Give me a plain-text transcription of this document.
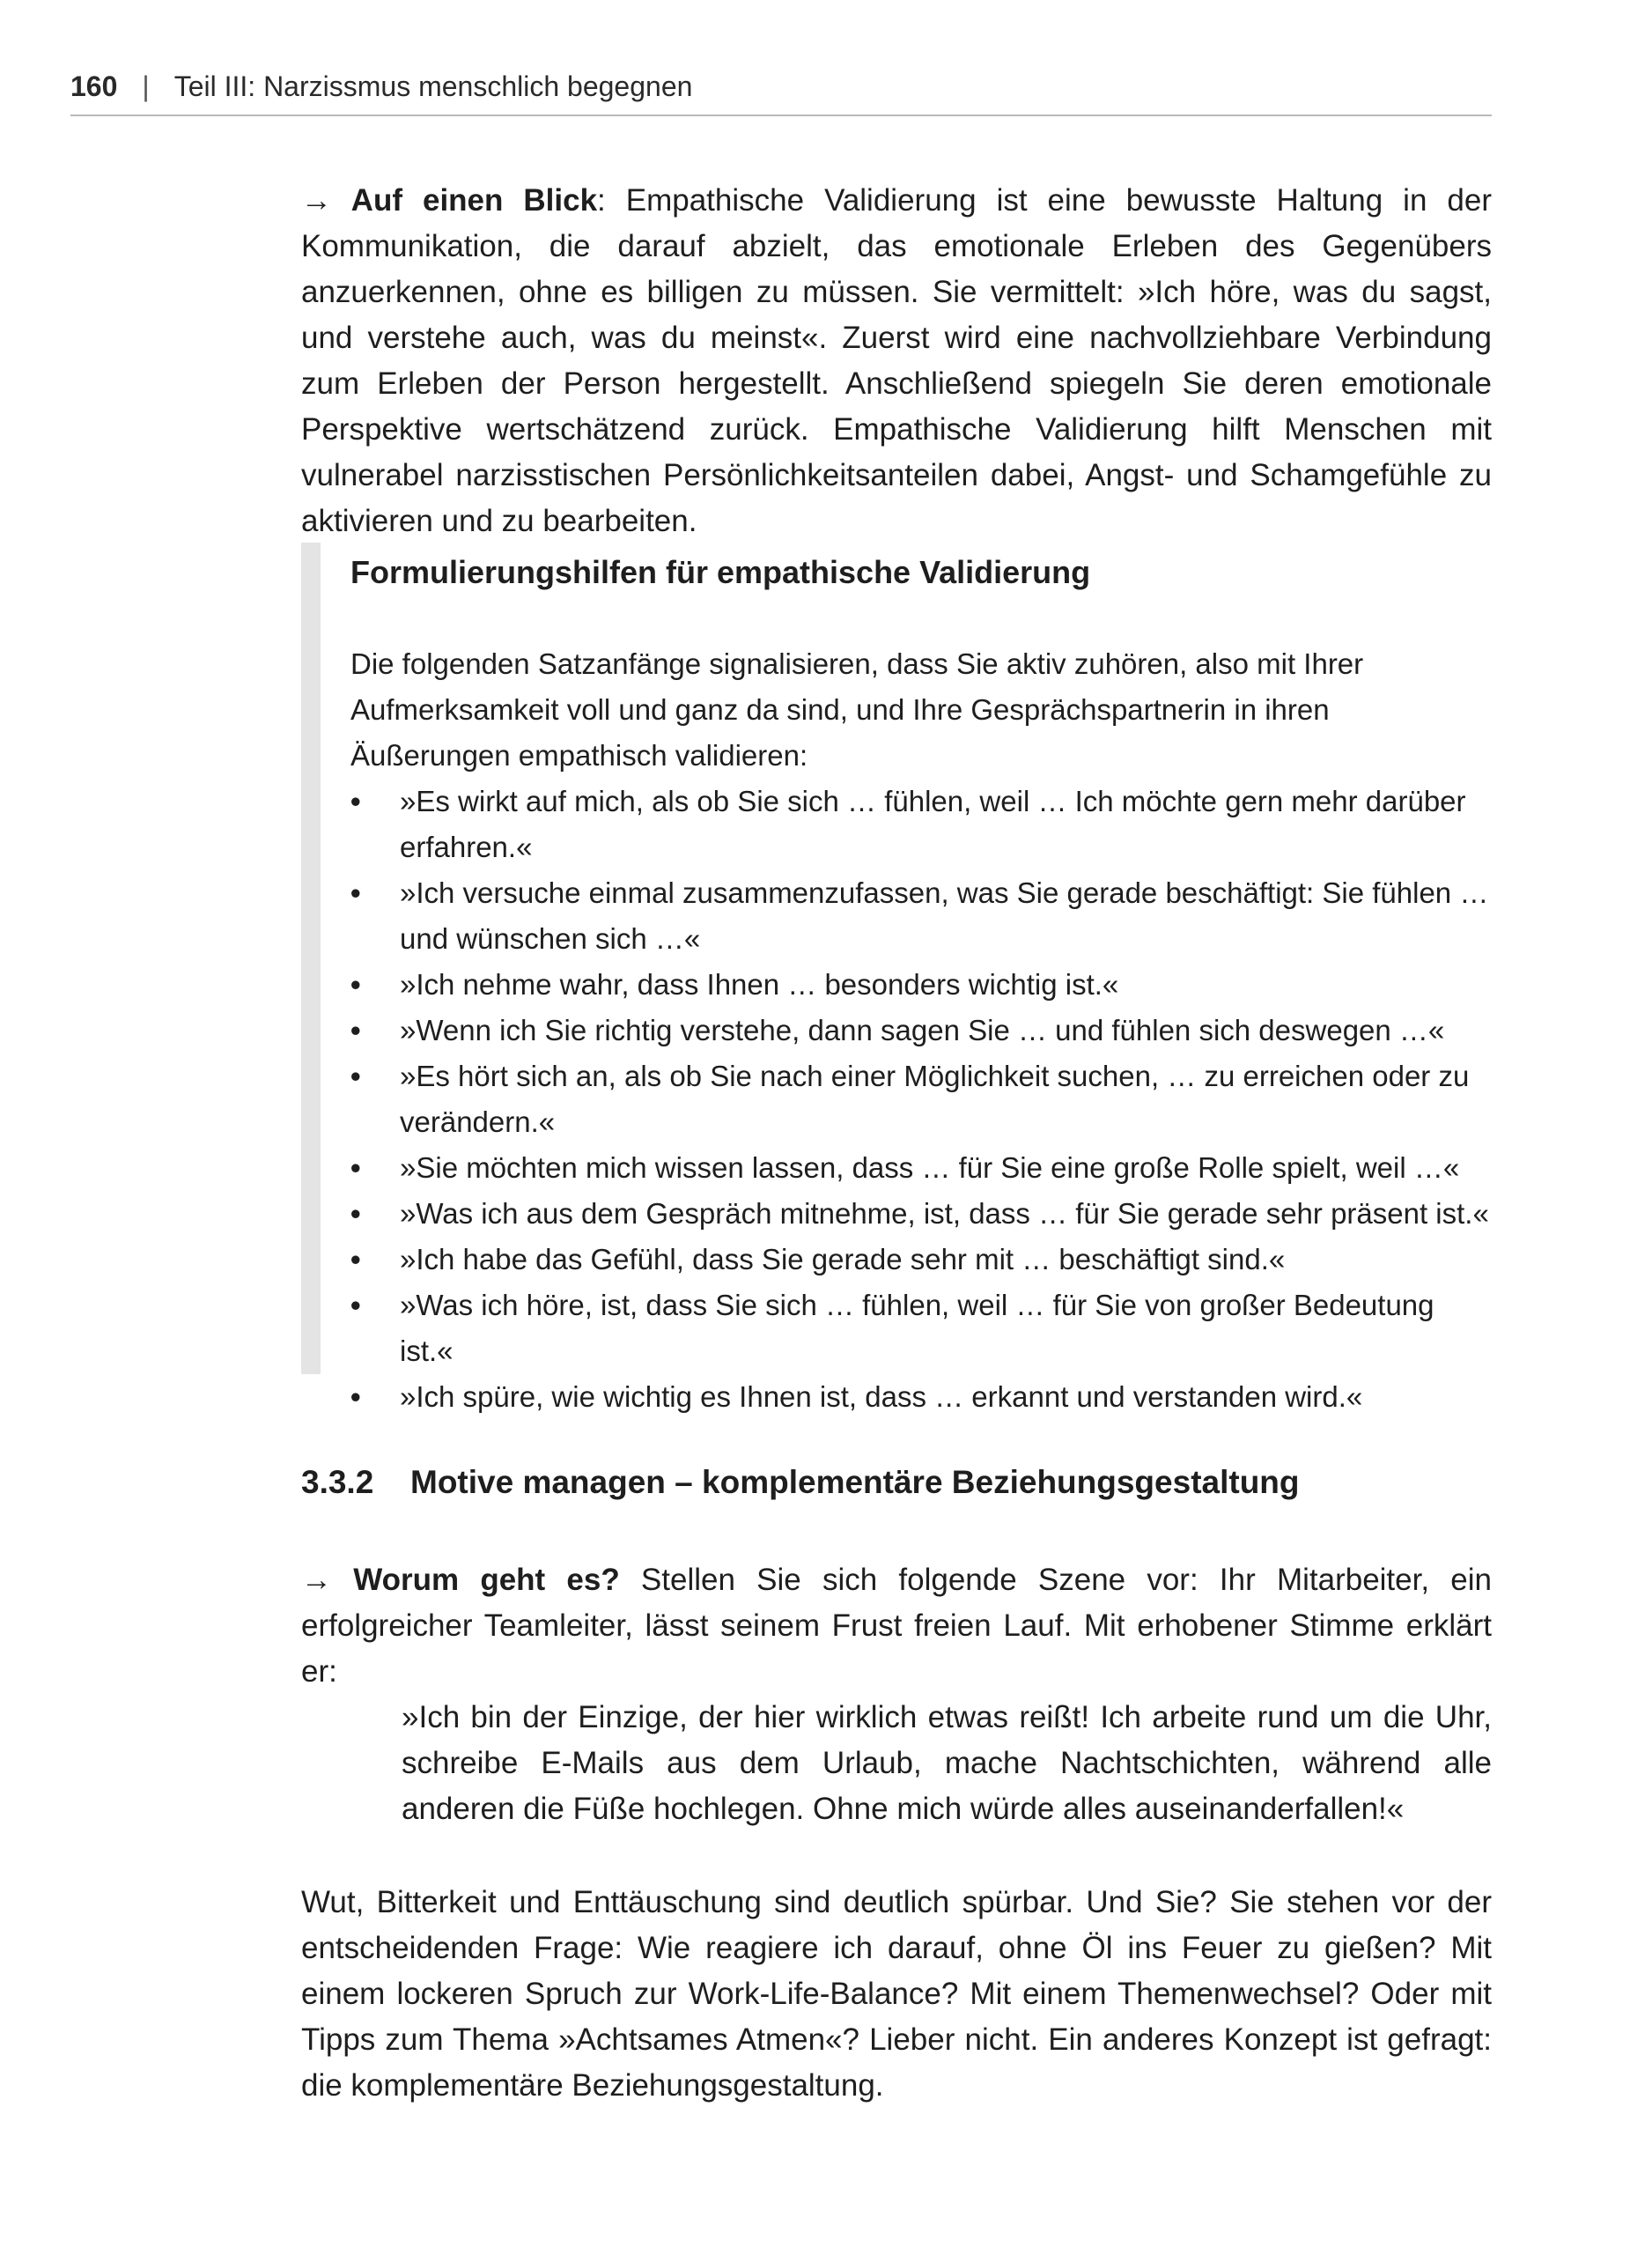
160 | Teil III: Narzissmus menschlich begegnen

→ Auf einen Blick: Empathische Validierung ist eine bewusste Haltung in der Kommunikation, die darauf abzielt, das emotionale Erleben des Gegenübers anzuerkennen, ohne es billigen zu müssen. Sie vermittelt: »Ich höre, was du sagst, und verstehe auch, was du meinst«. Zuerst wird eine nachvollziehbare Verbindung zum Erleben der Person hergestellt. Anschließend spiegeln Sie deren emotionale Perspektive wertschätzend zurück. Empathische Validierung hilft Menschen mit vulnerabel narzisstischen Persönlichkeitsanteilen dabei, Angst- und Schamgefühle zu aktivieren und zu bearbeiten.

Formulierungshilfen für empathische Validierung

Die folgenden Satzanfänge signalisieren, dass Sie aktiv zuhören, also mit Ihrer Aufmerksamkeit voll und ganz da sind, und Ihre Gesprächspartnerin in ihren Äußerungen empathisch validieren:

•	»Es wirkt auf mich, als ob Sie sich … fühlen, weil … Ich möchte gern mehr darüber erfahren.«
•	»Ich versuche einmal zusammenzufassen, was Sie gerade beschäftigt: Sie fühlen … und wünschen sich …«
•	»Ich nehme wahr, dass Ihnen … besonders wichtig ist.«
•	»Wenn ich Sie richtig verstehe, dann sagen Sie … und fühlen sich deswegen …«
•	»Es hört sich an, als ob Sie nach einer Möglichkeit suchen, … zu erreichen oder zu verändern.«
•	»Sie möchten mich wissen lassen, dass … für Sie eine große Rolle spielt, weil …«
•	»Was ich aus dem Gespräch mitnehme, ist, dass … für Sie gerade sehr präsent ist.«
•	»Ich habe das Gefühl, dass Sie gerade sehr mit … beschäftigt sind.«
•	»Was ich höre, ist, dass Sie sich … fühlen, weil … für Sie von großer Bedeutung ist.«
•	»Ich spüre, wie wichtig es Ihnen ist, dass … erkannt und verstanden wird.«
3.3.2 Motive managen – komplementäre Beziehungsgestaltung

→ Worum geht es? Stellen Sie sich folgende Szene vor: Ihr Mitarbeiter, ein erfolgreicher Teamleiter, lässt seinem Frust freien Lauf. Mit erhobener Stimme erklärt er:

»Ich bin der Einzige, der hier wirklich etwas reißt! Ich arbeite rund um die Uhr, schreibe E-Mails aus dem Urlaub, mache Nachtschichten, während alle anderen die Füße hochlegen. Ohne mich würde alles auseinanderfallen!«

Wut, Bitterkeit und Enttäuschung sind deutlich spürbar. Und Sie? Sie stehen vor der entscheidenden Frage: Wie reagiere ich darauf, ohne Öl ins Feuer zu gießen? Mit einem lockeren Spruch zur Work-Life-Balance? Mit einem Themenwechsel? Oder mit Tipps zum Thema »Achtsames Atmen«? Lieber nicht. Ein anderes Konzept ist gefragt: die komplementäre Beziehungsgestaltung.
